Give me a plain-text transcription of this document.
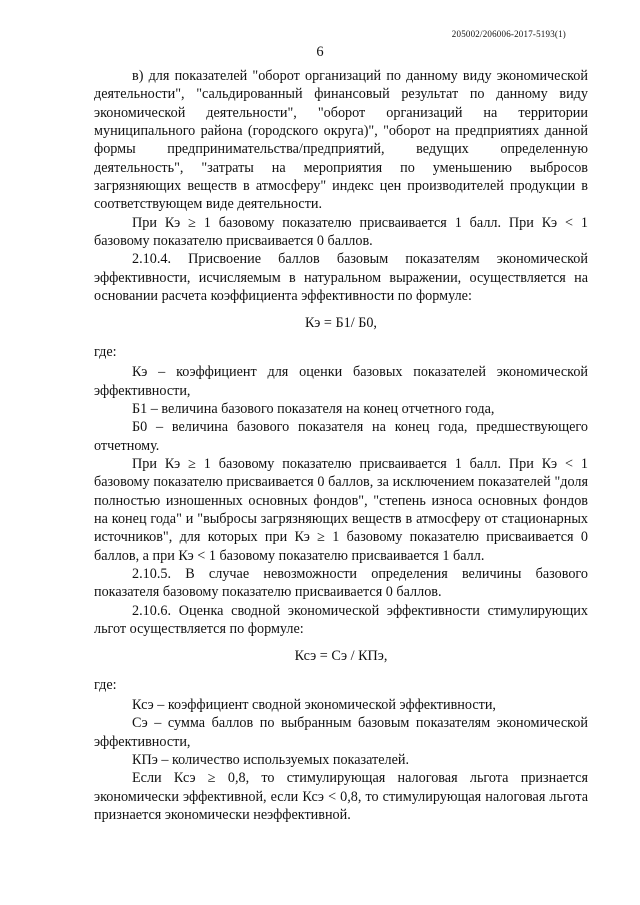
205002/206006-2017-5193(1)
6

в) для показателей "оборот организаций по данному виду экономической деятельности", "сальдированный финансовый результат по данному виду экономической деятельности", "оборот организаций на территории муниципального района (городского округа)", "оборот на предприятиях данной формы предпринимательства/предприятий, ведущих определенную деятельность", "затраты на мероприятия по уменьшению выбросов загрязняющих веществ в атмосферу" индекс цен производителей продукции в соответствующем виде деятельности.

При Кэ ≥ 1 базовому показателю присваивается 1 балл. При Кэ < 1 базовому показателю присваивается 0 баллов.

2.10.4. Присвоение баллов базовым показателям экономической эффективности, исчисляемым в натуральном выражении, осуществляется на основании расчета коэффициента эффективности по формуле:

Кэ = Б1/ Б0,

где:

Кэ – коэффициент для оценки базовых показателей экономической эффективности,

Б1 – величина базового показателя на конец отчетного года,

Б0 – величина базового показателя на конец года, предшествующего отчетному.

При Кэ ≥ 1 базовому показателю присваивается 1 балл. При Кэ < 1 базовому показателю присваивается 0 баллов, за исключением показателей "доля полностью изношенных основных фондов", "степень износа основных фондов на конец года" и "выбросы загрязняющих веществ в атмосферу от стационарных источников", для которых при Кэ ≥ 1 базовому показателю присваивается 0 баллов, а при Кэ < 1 базовому показателю присваивается 1 балл.

2.10.5. В случае невозможности определения величины базового показателя базовому показателю присваивается 0 баллов.

2.10.6. Оценка сводной экономической эффективности стимулирующих льгот осуществляется по формуле:

Ксэ = Сэ / КПэ,

где:

Ксэ – коэффициент сводной экономической эффективности,

Сэ – сумма баллов по выбранным базовым показателям экономической эффективности,

КПэ – количество используемых показателей.

Если Ксэ ≥ 0,8, то стимулирующая налоговая льгота признается экономически эффективной, если Ксэ < 0,8, то стимулирующая налоговая льгота признается экономически неэффективной.
